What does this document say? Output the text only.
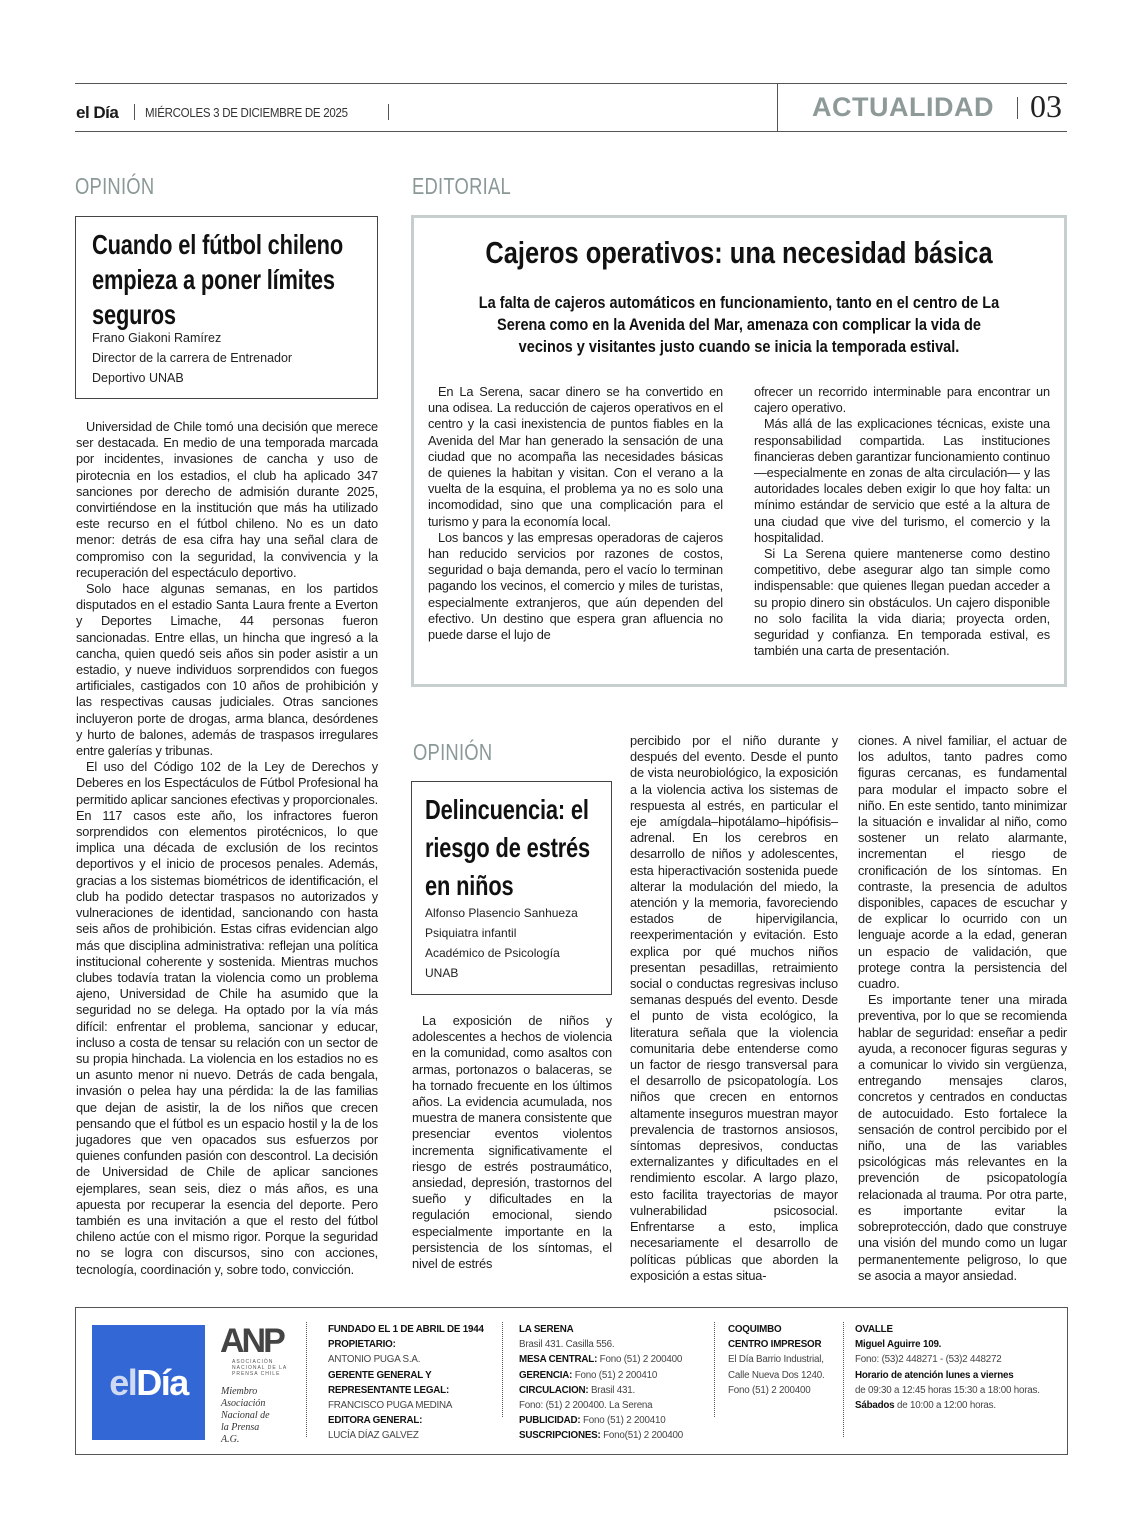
el Día MIÉRCOLES 3 DE DICIEMBRE DE 2025	ACTUALIDAD 03
OPINIÓN
Cuando el fútbol chileno empieza a poner límites seguros
Frano Giakoni Ramírez
Director de la carrera de Entrenador
Deportivo UNAB

Universidad de Chile tomó una decisión que merece ser destacada. En medio de una temporada marcada por incidentes, invasiones de cancha y uso de pirotecnia en los estadios, el club ha aplicado 347 sanciones por derecho de admisión durante 2025, convirtiéndose en la institución que más ha utilizado este recurso en el fútbol chileno. No es un dato menor: detrás de esa cifra hay una señal clara de compromiso con la seguridad, la convivencia y la recuperación del espectáculo deportivo.

Solo hace algunas semanas, en los partidos disputados en el estadio Santa Laura frente a Everton y Deportes Limache, 44 personas fueron sancionadas. Entre ellas, un hincha que ingresó a la cancha, quien quedó seis años sin poder asistir a un estadio, y nueve individuos sorprendidos con fuegos artificiales, castigados con 10 años de prohibición y las respectivas causas judiciales. Otras sanciones incluyeron porte de drogas, arma blanca, desórdenes y hurto de balones, además de traspasos irregulares entre galerías y tribunas.

El uso del Código 102 de la Ley de Derechos y Deberes en los Espectáculos de Fútbol Profesional ha permitido aplicar sanciones efectivas y proporcionales. En 117 casos este año, los infractores fueron sorprendidos con elementos pirotécnicos, lo que implica una década de exclusión de los recintos deportivos y el inicio de procesos penales. Además, gracias a los sistemas biométricos de identificación, el club ha podido detectar traspasos no autorizados y vulneraciones de identidad, sancionando con hasta seis años de prohibición. Estas cifras evidencian algo más que disciplina administrativa: reflejan una política institucional coherente y sostenida. Mientras muchos clubes todavía tratan la violencia como un problema ajeno, Universidad de Chile ha asumido que la seguridad no se delega. Ha optado por la vía más difícil: enfrentar el problema, sancionar y educar, incluso a costa de tensar su relación con un sector de su propia hinchada. La violencia en los estadios no es un asunto menor ni nuevo. Detrás de cada bengala, invasión o pelea hay una pérdida: la de las familias que dejan de asistir, la de los niños que crecen pensando que el fútbol es un espacio hostil y la de los jugadores que ven opacados sus esfuerzos por quienes confunden pasión con descontrol. La decisión de Universidad de Chile de aplicar sanciones ejemplares, sean seis, diez o más años, es una apuesta por recuperar la esencia del deporte. Pero también es una invitación a que el resto del fútbol chileno actúe con el mismo rigor. Porque la seguridad no se logra con discursos, sino con acciones, tecnología, coordinación y, sobre todo, convicción.

EDITORIAL
Cajeros operativos: una necesidad básica
La falta de cajeros automáticos en funcionamiento, tanto en el centro de La Serena como en la Avenida del Mar, amenaza con complicar la vida de vecinos y visitantes justo cuando se inicia la temporada estival.

En La Serena, sacar dinero se ha convertido en una odisea. La reducción de cajeros operativos en el centro y la casi inexistencia de puntos fiables en la Avenida del Mar han generado la sensación de una ciudad que no acompaña las necesidades básicas de quienes la habitan y visitan. Con el verano a la vuelta de la esquina, el problema ya no es solo una incomodidad, sino que una complicación para el turismo y para la economía local.

Los bancos y las empresas operadoras de cajeros han reducido servicios por razones de costos, seguridad o baja demanda, pero el vacío lo terminan pagando los vecinos, el comercio y miles de turistas, especialmente extranjeros, que aún dependen del efectivo. Un destino que espera gran afluencia no puede darse el lujo de

ofrecer un recorrido interminable para encontrar un cajero operativo.

Más allá de las explicaciones técnicas, existe una responsabilidad compartida. Las instituciones financieras deben garantizar funcionamiento continuo —especialmente en zonas de alta circulación— y las autoridades locales deben exigir lo que hoy falta: un mínimo estándar de servicio que esté a la altura de una ciudad que vive del turismo, el comercio y la hospitalidad.

Si La Serena quiere mantenerse como destino competitivo, debe asegurar algo tan simple como indispensable: que quienes llegan puedan acceder a su propio dinero sin obstáculos. Un cajero disponible no solo facilita la vida diaria; proyecta orden, seguridad y confianza. En temporada estival, es también una carta de presentación.

OPINIÓN
Delincuencia: el riesgo de estrés en niños
Alfonso Plasencio Sanhueza
Psiquiatra infantil
Académico de Psicología
UNAB

La exposición de niños y adolescentes a hechos de violencia en la comunidad, como asaltos con armas, portonazos o balaceras, se ha tornado frecuente en los últimos años. La evidencia acumulada, nos muestra de manera consistente que presenciar eventos violentos incrementa significativamente el riesgo de estrés postraumático, ansiedad, depresión, trastornos del sueño y dificultades en la regulación emocional, siendo especialmente importante en la persistencia de los síntomas, el nivel de estrés

percibido por el niño durante y después del evento. Desde el punto de vista neurobiológico, la exposición a la violencia activa los sistemas de respuesta al estrés, en particular el eje amígdala–hipotálamo–hipófisis–adrenal. En los cerebros en desarrollo de niños y adolescentes, esta hiperactivación sostenida puede alterar la modulación del miedo, la atención y la memoria, favoreciendo estados de hipervigilancia, reexperimentación y evitación. Esto explica por qué muchos niños presentan pesadillas, retraimiento social o conductas regresivas incluso semanas después del evento. Desde el punto de vista ecológico, la literatura señala que la violencia comunitaria debe entenderse como un factor de riesgo transversal para el desarrollo de psicopatología. Los niños que crecen en entornos altamente inseguros muestran mayor prevalencia de trastornos ansiosos, síntomas depresivos, conductas externalizantes y dificultades en el rendimiento escolar. A largo plazo, esto facilita trayectorias de mayor vulnerabilidad psicosocial. Enfrentarse a esto, implica necesariamente el desarrollo de políticas públicas que aborden la exposición a estas situa-

ciones. A nivel familiar, el actuar de los adultos, tanto padres como figuras cercanas, es fundamental para modular el impacto sobre el niño. En este sentido, tanto minimizar la situación e invalidar al niño, como sostener un relato alarmante, incrementan el riesgo de cronificación de los síntomas. En contraste, la presencia de adultos disponibles, capaces de escuchar y de explicar lo ocurrido con un lenguaje acorde a la edad, generan un espacio de validación, que protege contra la persistencia del cuadro.

Es importante tener una mirada preventiva, por lo que se recomienda hablar de seguridad: enseñar a pedir ayuda, a reconocer figuras seguras y a comunicar lo vivido sin vergüenza, entregando mensajes claros, concretos y centrados en conductas de autocuidado. Esto fortalece la sensación de control percibido por el niño, una de las variables psicológicas más relevantes en la prevención de psicopatología relacionada al trauma. Por otra parte, es importante evitar la sobreprotección, dado que construye una visión del mundo como un lugar permanentemente peligroso, lo que se asocia a mayor ansiedad.

el Día
ANP
ASOCIACIÓN NACIONAL DE LA PRENSA CHILE
Miembro
Asociación
Nacional de
la Prensa
A.G.
FUNDADO EL 1 DE ABRIL DE 1944
PROPIETARIO:
ANTONIO PUGA S.A.
GERENTE GENERAL Y
REPRESENTANTE LEGAL:
FRANCISCO PUGA MEDINA
EDITORA GENERAL:
LUCÍA DÍAZ GALVEZ
LA SERENA
Brasil 431. Casilla 556.
MESA CENTRAL: Fono (51) 2 200400
GERENCIA: Fono (51) 2 200410
CIRCULACION: Brasil 431.
Fono: (51) 2 200400. La Serena
PUBLICIDAD: Fono (51) 2 200410
SUSCRIPCIONES: Fono(51) 2 200400
COQUIMBO
CENTRO IMPRESOR
El Día Barrio Industrial,
Calle Nueva Dos 1240.
Fono (51) 2 200400
OVALLE
Miguel Aguirre 109.
Fono: (53)2 448271 - (53)2 448272
Horario de atención lunes a viernes
de 09:30 a 12:45 horas 15:30 a 18:00 horas.
Sábados de 10:00 a 12:00 horas.
